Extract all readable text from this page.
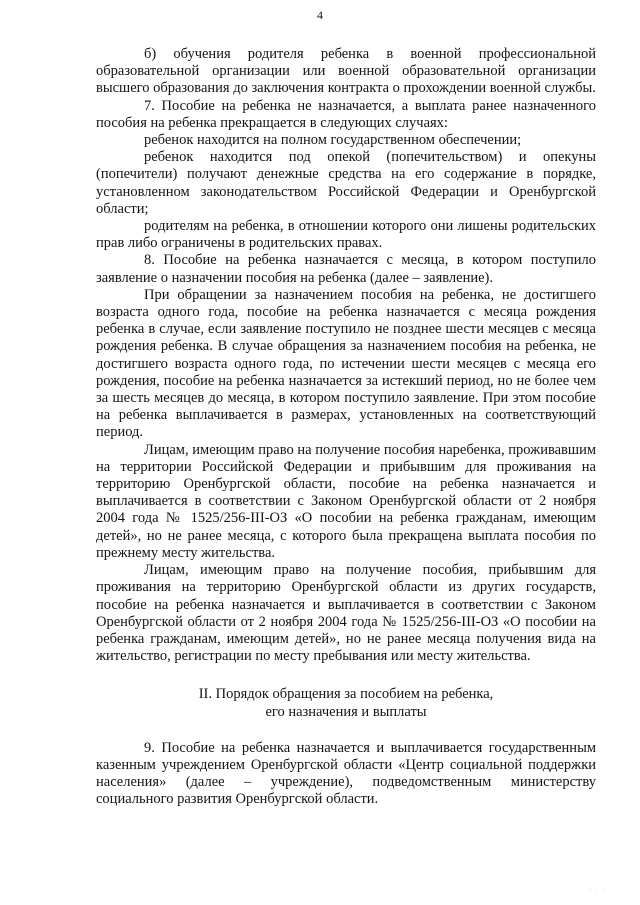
4

б) обучения родителя ребенка в военной профессиональной образовательной организации или военной образовательной организации высшего образования до заключения контракта о прохождении военной службы.

7. Пособие на ребенка не назначается, а выплата ранее назначенного пособия на ребенка прекращается в следующих случаях:

ребенок находится на полном государственном обеспечении;

ребенок находится под опекой (попечительством) и опекуны (попечители) получают денежные средства на его содержание в порядке, установленном законодательством Российской Федерации и Оренбургской области;

родителям на ребенка, в отношении которого они лишены родительских прав либо ограничены в родительских правах.

8. Пособие на ребенка назначается с месяца, в котором поступило заявление о назначении пособия на ребенка (далее – заявление).

При обращении за назначением пособия на ребенка, не достигшего возраста одного года, пособие на ребенка назначается с месяца рождения ребенка в случае, если заявление поступило не позднее шести месяцев с месяца рождения ребенка. В случае обращения за назначением пособия на ребенка, не достигшего возраста одного года, по истечении шести месяцев с месяца его рождения, пособие на ребенка назначается за истекший период, но не более чем за шесть месяцев до месяца, в котором поступило заявление. При этом пособие на ребенка выплачивается в размерах, установленных на соответствующий период.

Лицам, имеющим право на получение пособия наребенка, проживавшим на территории Российской Федерации и прибывшим для проживания на территорию Оренбургской области, пособие на ребенка назначается и выплачивается в соответствии с Законом Оренбургской области от 2 ноября 2004 года № 1525/256-III-ОЗ «О пособии на ребенка гражданам, имеющим детей», но не ранее месяца, с которого была прекращена выплата пособия по прежнему месту жительства.

Лицам, имеющим право на получение пособия, прибывшим для проживания на территорию Оренбургской области из других государств, пособие на ребенка назначается и выплачивается в соответствии с Законом Оренбургской области от 2 ноября 2004 года № 1525/256-III-ОЗ «О пособии на ребенка гражданам, имеющим детей», но не ранее месяца получения вида на жительство, регистрации по месту пребывания или месту жительства.

II. Порядок обращения за пособием на ребенка,
его назначения и выплаты

9. Пособие на ребенка назначается и выплачивается государственным казенным учреждением Оренбургской области «Центр социальной поддержки населения» (далее – учреждение), подведомственным министерству социального развития Оренбургской области.

· · ·
